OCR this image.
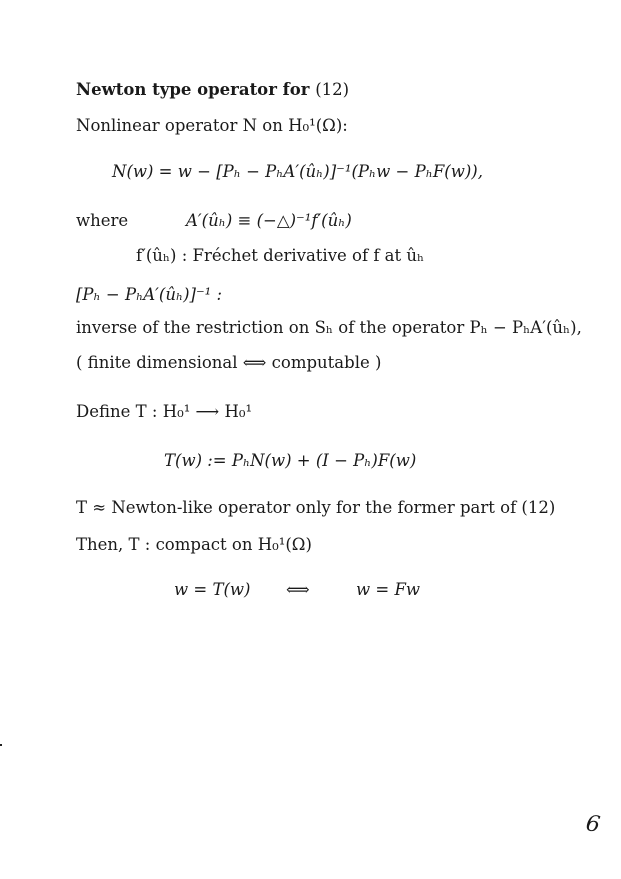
Newton type operator for (12)
Nonlinear operator N on H₀¹(Ω):
N(w) = w − [Pₕ − PₕA′(ûₕ)]⁻¹(Pₕw − PₕF(w)),
where	A′(ûₕ) ≡ (−△)⁻¹f′(ûₕ)
f′(ûₕ) : Fréchet derivative of f at ûₕ
[Pₕ − PₕA′(ûₕ)]⁻¹ :
inverse of the restriction on Sₕ of the operator Pₕ − PₕA′(ûₕ),
( finite dimensional ⟺ computable )
Define T : H₀¹ ⟶ H₀¹
T(w) := PₕN(w) + (I − Pₕ)F(w)
T ≈ Newton-like operator only for the former part of (12)
Then, T : compact on H₀¹(Ω)
w = T(w) ⟺	w = Fw
6
